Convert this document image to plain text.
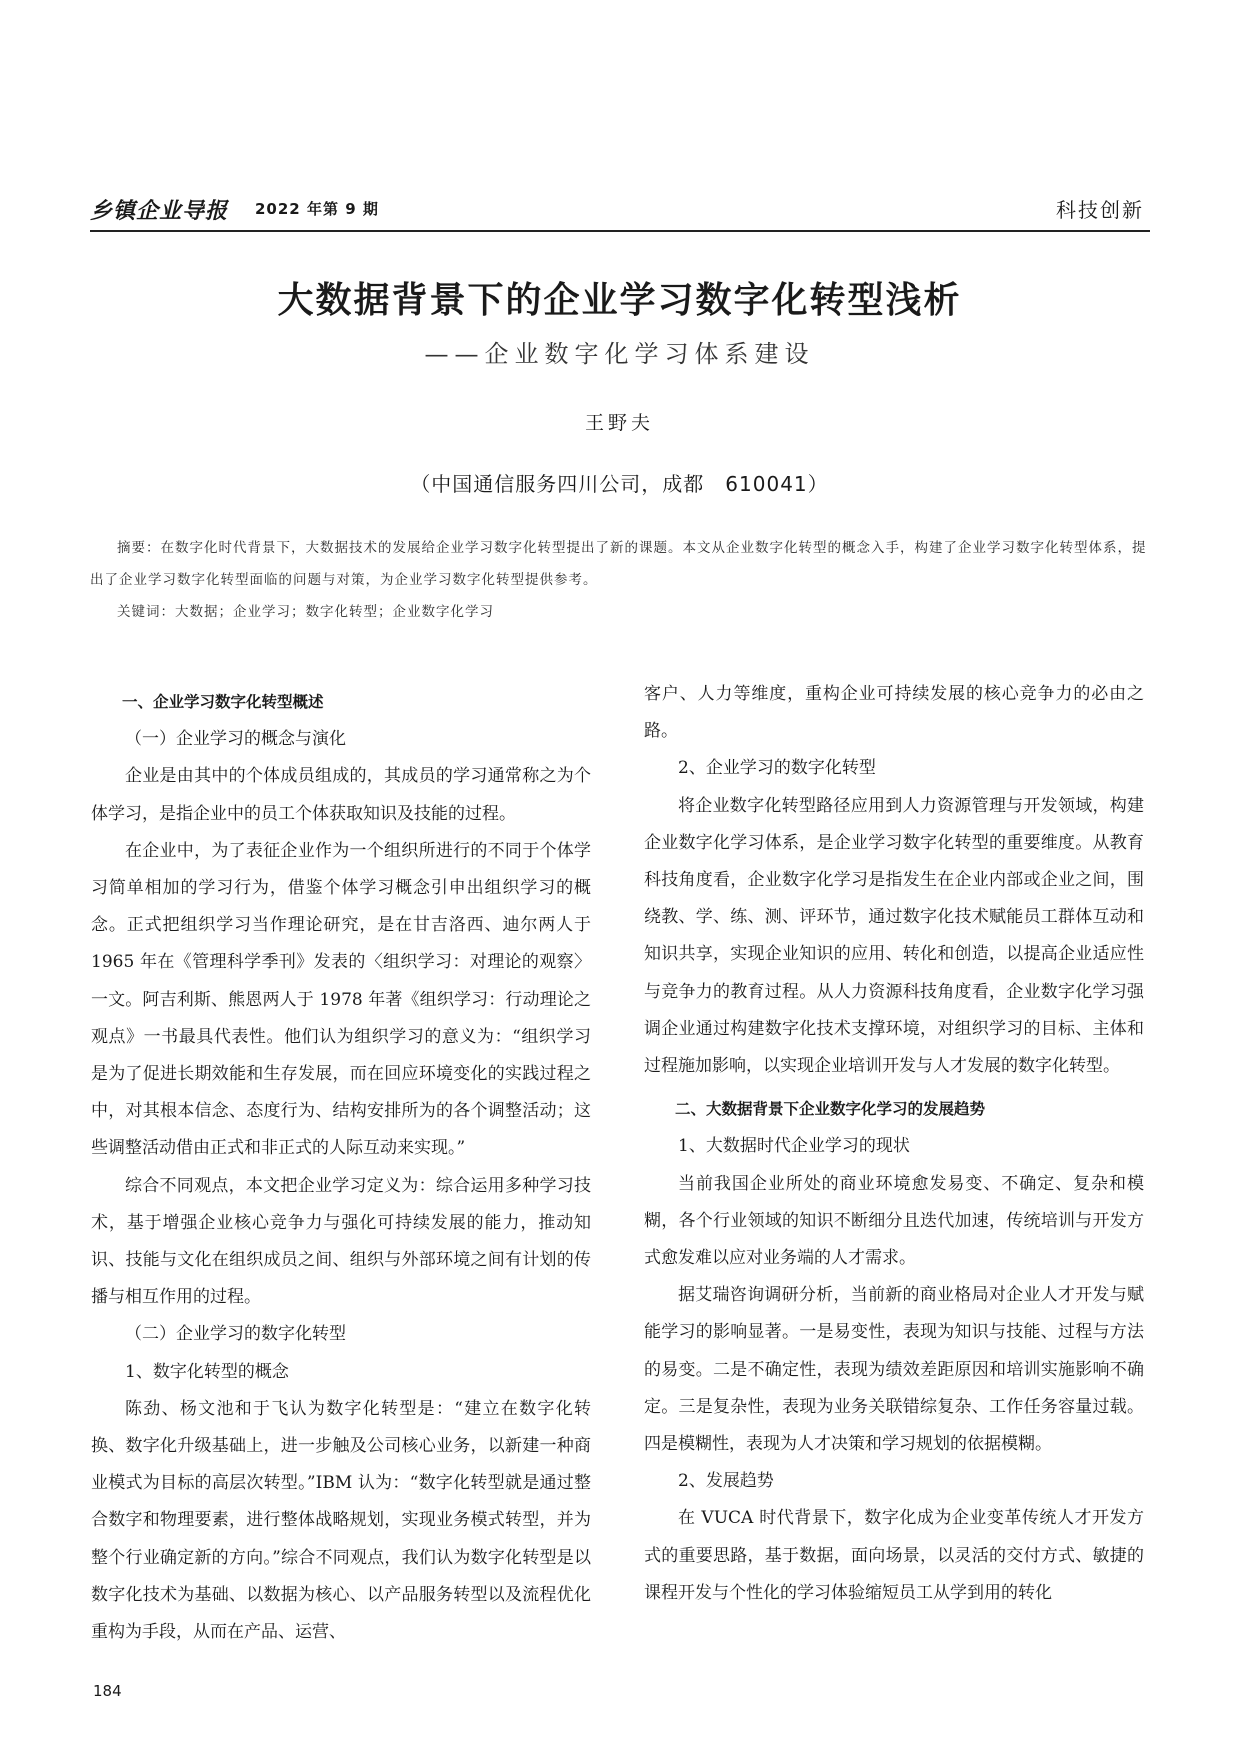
乡镇企业导报 2022 年第 9 期	科技创新
大数据背景下的企业学习数字化转型浅析
——企业数字化学习体系建设
王野夫
（中国通信服务四川公司，成都　610041）

摘要：在数字化时代背景下，大数据技术的发展给企业学习数字化转型提出了新的课题。本文从企业数字化转型的概念入手，构建了企业学习数字化转型体系，提出了企业学习数字化转型面临的问题与对策，为企业学习数字化转型提供参考。

关键词：大数据；企业学习；数字化转型；企业数字化学习

一、企业学习数字化转型概述
（一）企业学习的概念与演化

企业是由其中的个体成员组成的，其成员的学习通常称之为个体学习，是指企业中的员工个体获取知识及技能的过程。

在企业中，为了表征企业作为一个组织所进行的不同于个体学习简单相加的学习行为，借鉴个体学习概念引申出组织学习的概念。正式把组织学习当作理论研究，是在甘吉洛西、迪尔两人于 1965 年在《管理科学季刊》发表的〈组织学习：对理论的观察〉一文。阿吉利斯、熊恩两人于 1978 年著《组织学习：行动理论之观点》一书最具代表性。他们认为组织学习的意义为：“组织学习是为了促进长期效能和生存发展，而在回应环境变化的实践过程之中，对其根本信念、态度行为、结构安排所为的各个调整活动；这些调整活动借由正式和非正式的人际互动来实现。”

综合不同观点，本文把企业学习定义为：综合运用多种学习技术，基于增强企业核心竞争力与强化可持续发展的能力，推动知识、技能与文化在组织成员之间、组织与外部环境之间有计划的传播与相互作用的过程。

（二）企业学习的数字化转型
1、数字化转型的概念

陈劲、杨文池和于飞认为数字化转型是：“建立在数字化转换、数字化升级基础上，进一步触及公司核心业务，以新建一种商业模式为目标的高层次转型。”IBM 认为：“数字化转型就是通过整合数字和物理要素，进行整体战略规划，实现业务模式转型，并为整个行业确定新的方向。”综合不同观点，我们认为数字化转型是以数字化技术为基础、以数据为核心、以产品服务转型以及流程优化重构为手段，从而在产品、运营、

客户、人力等维度，重构企业可持续发展的核心竞争力的必由之路。

2、企业学习的数字化转型

将企业数字化转型路径应用到人力资源管理与开发领域，构建企业数字化学习体系，是企业学习数字化转型的重要维度。从教育科技角度看，企业数字化学习是指发生在企业内部或企业之间，围绕教、学、练、测、评环节，通过数字化技术赋能员工群体互动和知识共享，实现企业知识的应用、转化和创造，以提高企业适应性与竞争力的教育过程。从人力资源科技角度看，企业数字化学习强调企业通过构建数字化技术支撑环境，对组织学习的目标、主体和过程施加影响，以实现企业培训开发与人才发展的数字化转型。

二、大数据背景下企业数字化学习的发展趋势
1、大数据时代企业学习的现状

当前我国企业所处的商业环境愈发易变、不确定、复杂和模糊，各个行业领域的知识不断细分且迭代加速，传统培训与开发方式愈发难以应对业务端的人才需求。

据艾瑞咨询调研分析，当前新的商业格局对企业人才开发与赋能学习的影响显著。一是易变性，表现为知识与技能、过程与方法的易变。二是不确定性，表现为绩效差距原因和培训实施影响不确定。三是复杂性，表现为业务关联错综复杂、工作任务容量过载。四是模糊性，表现为人才决策和学习规划的依据模糊。

2、发展趋势

在 VUCA 时代背景下，数字化成为企业变革传统人才开发方式的重要思路，基于数据，面向场景，以灵活的交付方式、敏捷的课程开发与个性化的学习体验缩短员工从学到用的转化

184
